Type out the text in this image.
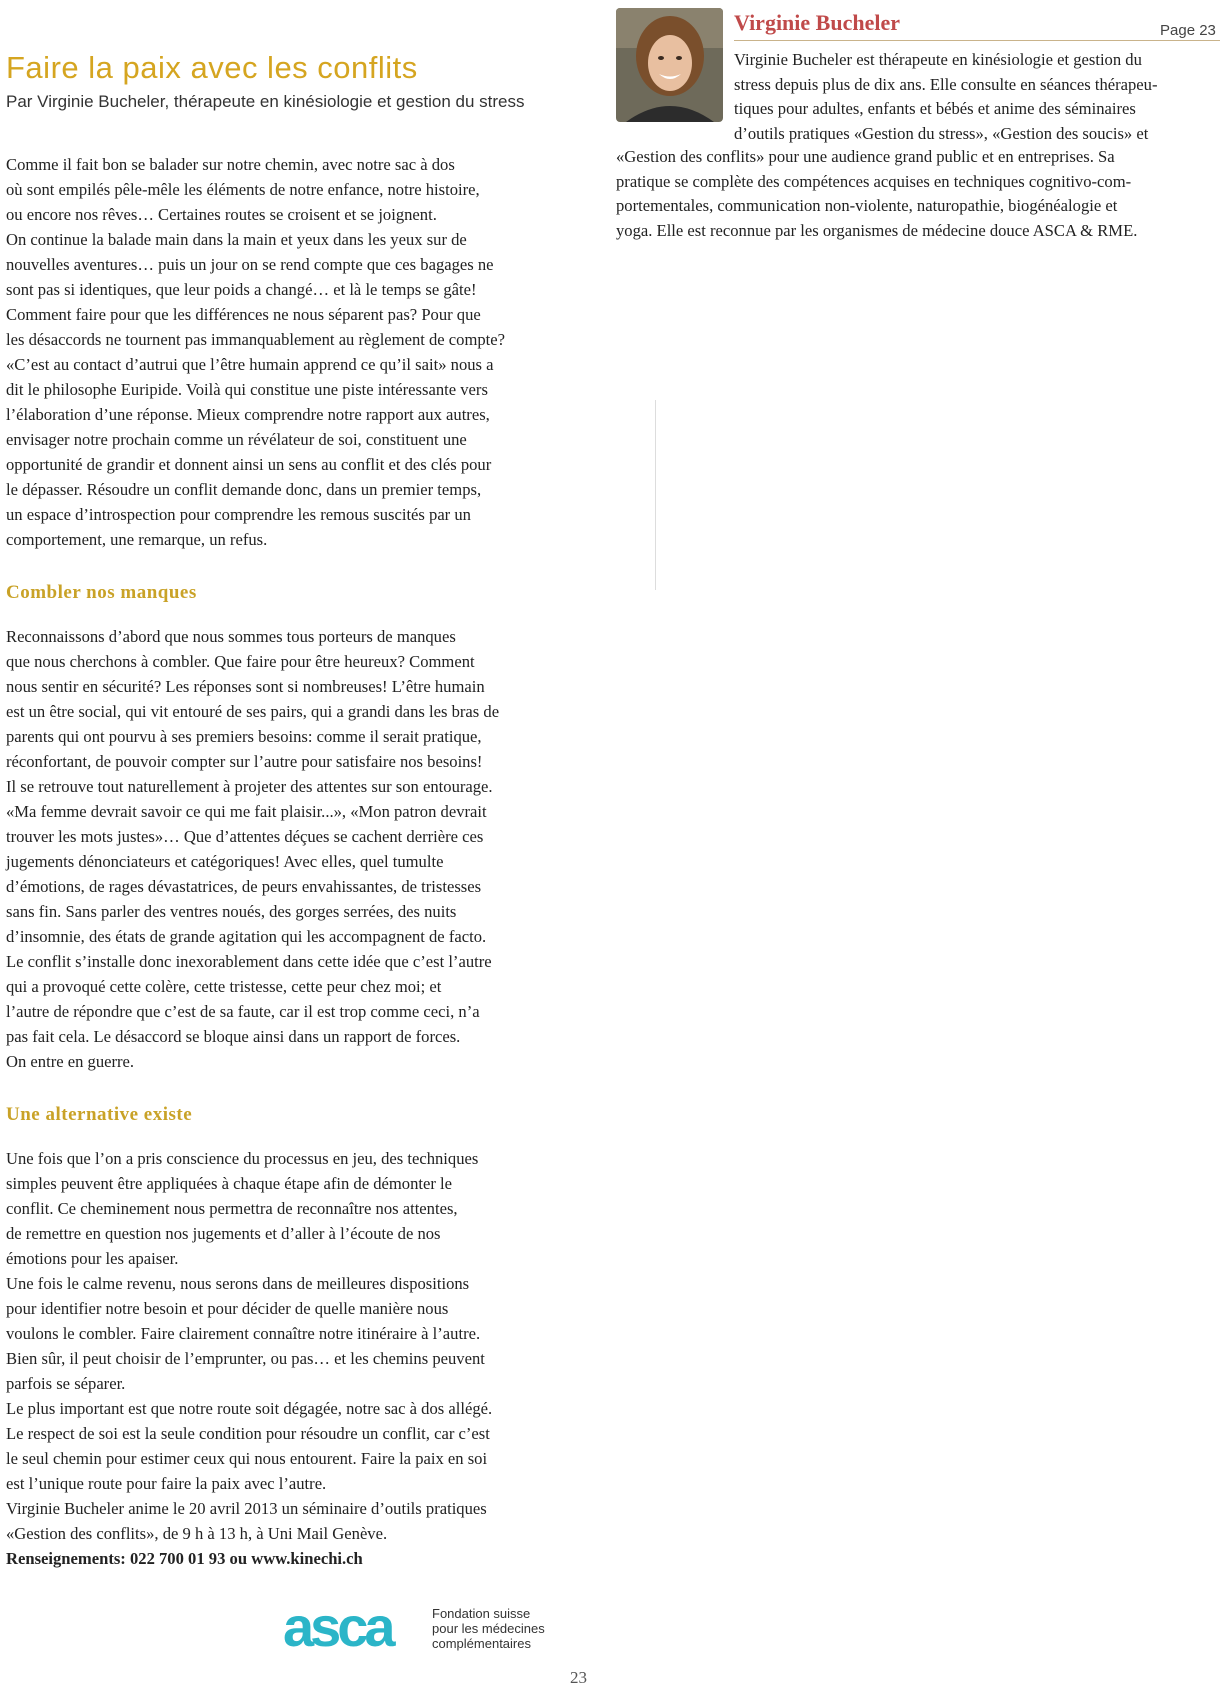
Page 23
Faire la paix avec les conflits
Par Virginie Bucheler, thérapeute en kinésiologie et gestion du stress

Comme il fait bon se balader sur notre chemin, avec notre sac à dos
où sont empilés pêle-mêle les éléments de notre enfance, notre histoire,
ou encore nos rêves… Certaines routes se croisent et se joignent.
On continue la balade main dans la main et yeux dans les yeux sur de
nouvelles aventures… puis un jour on se rend compte que ces bagages ne
sont pas si identiques, que leur poids a changé… et là le temps se gâte!
Comment faire pour que les différences ne nous séparent pas? Pour que
les désaccords ne tournent pas immanquablement au règlement de compte?
«C’est au contact d’autrui que l’être humain apprend ce qu’il sait» nous a
dit le philosophe Euripide. Voilà qui constitue une piste intéressante vers
l’élaboration d’une réponse. Mieux comprendre notre rapport aux autres,
envisager notre prochain comme un révélateur de soi, constituent une
opportunité de grandir et donnent ainsi un sens au conflit et des clés pour
le dépasser. Résoudre un conflit demande donc, dans un premier temps,
un espace d’introspection pour comprendre les remous suscités par un
comportement, une remarque, un refus.

Combler nos manques

Reconnaissons d’abord que nous sommes tous porteurs de manques
que nous cherchons à combler. Que faire pour être heureux? Comment
nous sentir en sécurité? Les réponses sont si nombreuses! L’être humain
est un être social, qui vit entouré de ses pairs, qui a grandi dans les bras de
parents qui ont pourvu à ses premiers besoins: comme il serait pratique,
réconfortant, de pouvoir compter sur l’autre pour satisfaire nos besoins!
Il se retrouve tout naturellement à projeter des attentes sur son entourage.
«Ma femme devrait savoir ce qui me fait plaisir...», «Mon patron devrait
trouver les mots justes»… Que d’attentes déçues se cachent derrière ces
jugements dénonciateurs et catégoriques! Avec elles, quel tumulte
d’émotions, de rages dévastatrices, de peurs envahissantes, de tristesses
sans fin. Sans parler des ventres noués, des gorges serrées, des nuits
d’insomnie, des états de grande agitation qui les accompagnent de facto.
Le conflit s’installe donc inexorablement dans cette idée que c’est l’autre
qui a provoqué cette colère, cette tristesse, cette peur chez moi; et
l’autre de répondre que c’est de sa faute, car il est trop comme ceci, n’a
pas fait cela. Le désaccord se bloque ainsi dans un rapport de forces.
On entre en guerre.

Une alternative existe

Une fois que l’on a pris conscience du processus en jeu, des techniques
simples peuvent être appliquées à chaque étape afin de démonter le
conflit. Ce cheminement nous permettra de reconnaître nos attentes,
de remettre en question nos jugements et d’aller à l’écoute de nos
émotions pour les apaiser.
Une fois le calme revenu, nous serons dans de meilleures dispositions
pour identifier notre besoin et pour décider de quelle manière nous
voulons le combler. Faire clairement connaître notre itinéraire à l’autre.
Bien sûr, il peut choisir de l’emprunter, ou pas… et les chemins peuvent
parfois se séparer.
Le plus important est que notre route soit dégagée, notre sac à dos allégé.
Le respect de soi est la seule condition pour résoudre un conflit, car c’est
le seul chemin pour estimer ceux qui nous entourent. Faire la paix en soi
est l’unique route pour faire la paix avec l’autre.
Virginie Bucheler anime le 20 avril 2013 un séminaire d’outils pratiques
«Gestion des conflits», de 9 h à 13 h, à Uni Mail Genève.

Renseignements: 022 700 01 93 ou www.kinechi.ch

Virginie Bucheler

Virginie Bucheler est thérapeute en kinésiologie et gestion du
stress depuis plus de dix ans. Elle consulte en séances thérapeu-
tiques pour adultes, enfants et bébés et anime des séminaires
d’outils pratiques «Gestion du stress», «Gestion des soucis» et

«Gestion des conflits» pour une audience grand public et en entreprises. Sa
pratique se complète des compétences acquises en techniques cognitivo-com-
portementales, communication non-violente, naturopathie, biogénéalogie et
yoga. Elle est reconnue par les organismes de médecine douce ASCA & RME.

asca	Fondation suisse
pour les médecines
complémentaires
23
